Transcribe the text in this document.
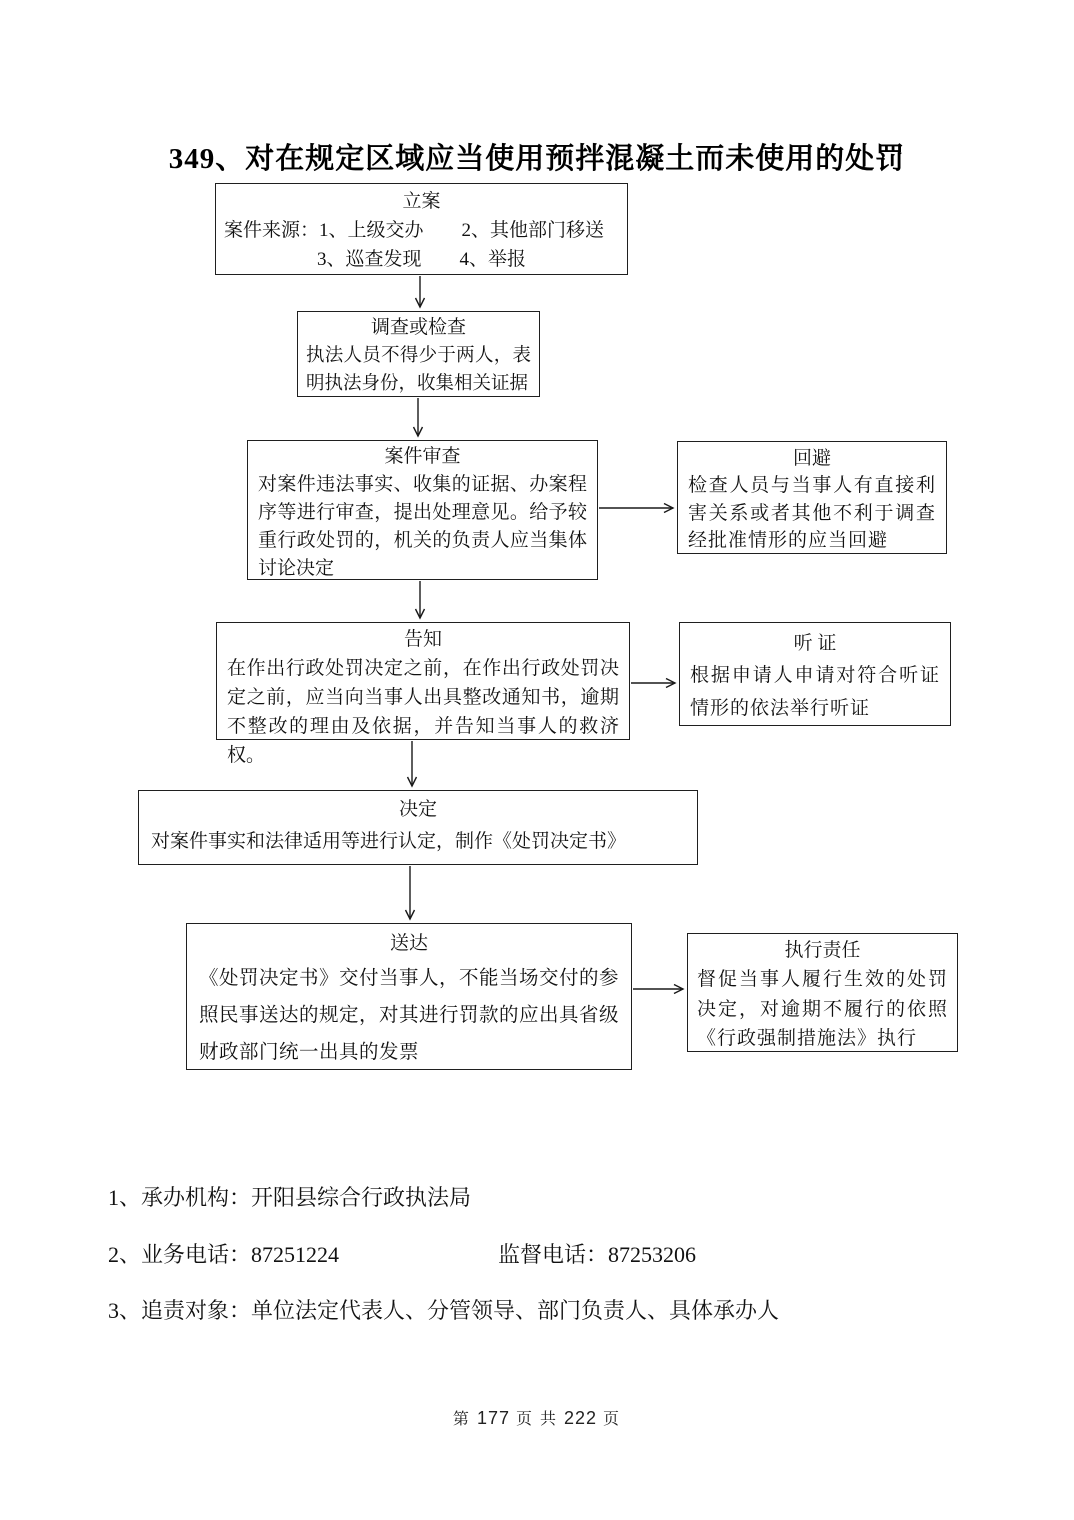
349、对在规定区域应当使用预拌混凝土而未使用的处罚
立案
案件来源：1、上级交办　　2、其他部门移送
3、巡查发现　　4、举报
调查或检查
执法人员不得少于两人，表明执法身份，收集相关证据
案件审查
对案件违法事实、收集的证据、办案程序等进行审查，提出处理意见。给予较重行政处罚的，机关的负责人应当集体讨论决定
回避
检查人员与当事人有直接利害关系或者其他不利于调查经批准情形的应当回避
告知
在作出行政处罚决定之前，在作出行政处罚决定之前，应当向当事人出具整改通知书，逾期不整改的理由及依据，并告知当事人的救济权。
听 证
根据申请人申请对符合听证情形的依法举行听证
决定
对案件事实和法律适用等进行认定，制作《处罚决定书》
送达
《处罚决定书》交付当事人，不能当场交付的参照民事送达的规定，对其进行罚款的应出具省级财政部门统一出具的发票
执行责任
督促当事人履行生效的处罚决定，对逾期不履行的依照《行政强制措施法》执行
1、承办机构：开阳县综合行政执法局
2、业务电话：87251224	监督电话：87253206
3、追责对象：单位法定代表人、分管领导、部门负责人、具体承办人
第 177 页 共 222 页
